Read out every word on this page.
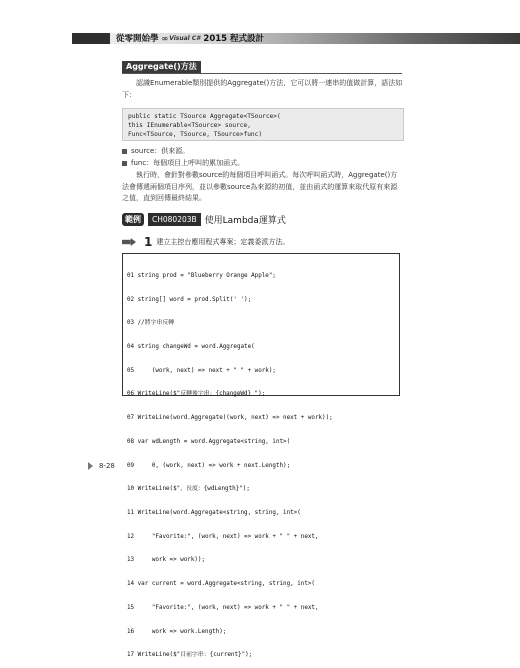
從零開始學 ∞ Visual C# 2015 程式設計
Aggregate()方法
認識Enumerable類別提供的Aggregate()方法，它可以將一連串的值做計算，語法如下：
public static TSource Aggregate<TSource>(
this IEnumerable<TSource> source,
Func<TSource, TSource, TSource>func)
source：供來源。
func：每個項目上呼叫的累加函式。
執行時，會針對參數source的每個項目呼叫函式。每次呼叫函式時，Aggregate()方法會傳遞兩個項目序列，並以參數source為來源的初值，並由函式的運算來取代原有來源之值，直到回傳最終結果。
範例	CH080203B 使用Lambda運算式
1 建立主控台應用程式專案；定義委派方法。

01 string prod = "Blueberry Orange Apple";

02 string[] word = prod.Split(' ');

03 //將字串反轉

04 string changeWd = word.Aggregate(

05     (work, next) => next + " " + work);

06 WriteLine($"反轉後字串：{changeWd} ");

07 WriteLine(word.Aggregate((work, next) => next + work));

08 var wdLength = word.Aggregate<string, int>(

09     0, (work, next) => work + next.Length);

10 WriteLine($"，長度：{wdLength}");

11 WriteLine(word.Aggregate<string, string, int>(

12     "Favorite:", (work, next) => work + " " + next,

13     work => work));

14 var current = word.Aggregate<string, string, int>(

15     "Favorite:", (work, next) => work + " " + next,

16     work => work.Length);

17 WriteLine($"目前字串：{current}");

8-28
